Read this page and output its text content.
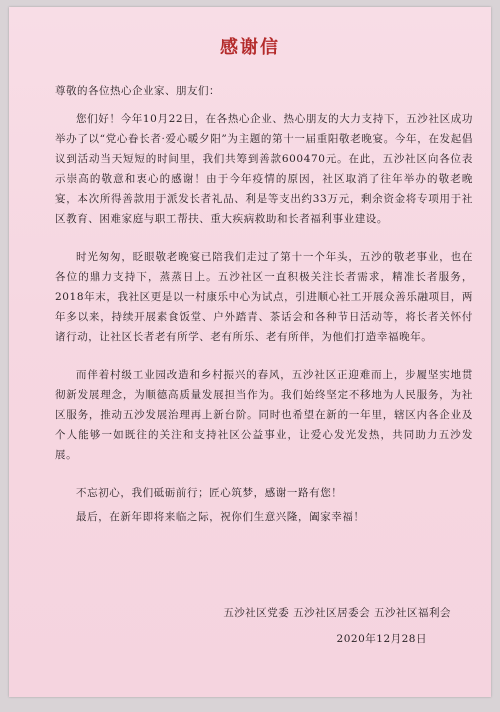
感谢信
尊敬的各位热心企业家、朋友们：

您们好！今年10月22日，在各热心企业、热心朋友的大力支持下，五沙社区成功举办了以“党心眷长者·爱心暖夕阳”为主题的第十一届重阳敬老晚宴。今年，在发起倡议到活动当天短短的时间里，我们共筹到善款600470元。在此，五沙社区向各位表示崇高的敬意和衷心的感谢！由于今年疫情的原因，社区取消了往年举办的敬老晚宴，本次所得善款用于派发长者礼品、利是等支出约33万元，剩余资金将专项用于社区教育、困难家庭与职工帮扶、重大疾病救助和长者福利事业建设。

时光匆匆，眨眼敬老晚宴已陪我们走过了第十一个年头，五沙的敬老事业，也在各位的鼎力支持下，蒸蒸日上。五沙社区一直积极关注长者需求，精准长者服务，2018年末，我社区更是以一村康乐中心为试点，引进顺心社工开展众善乐融项目，两年多以来，持续开展素食饭堂、户外踏青、茶话会和各种节日活动等，将长者关怀付诸行动，让社区长者老有所学、老有所乐、老有所伴，为他们打造幸福晚年。

而伴着村级工业园改造和乡村振兴的春风，五沙社区正迎难而上，步履坚实地贯彻新发展理念，为顺德高质量发展担当作为。我们始终坚定不移地为人民服务，为社区服务，推动五沙发展治理再上新台阶。同时也希望在新的一年里，辖区内各企业及个人能够一如既往的关注和支持社区公益事业，让爱心发光发热，共同助力五沙发展。

不忘初心，我们砥砺前行；匠心筑梦，感谢一路有您！

最后，在新年即将来临之际，祝你们生意兴隆，阖家幸福！

五沙社区党委 五沙社区居委会 五沙社区福利会
2020年12月28日
